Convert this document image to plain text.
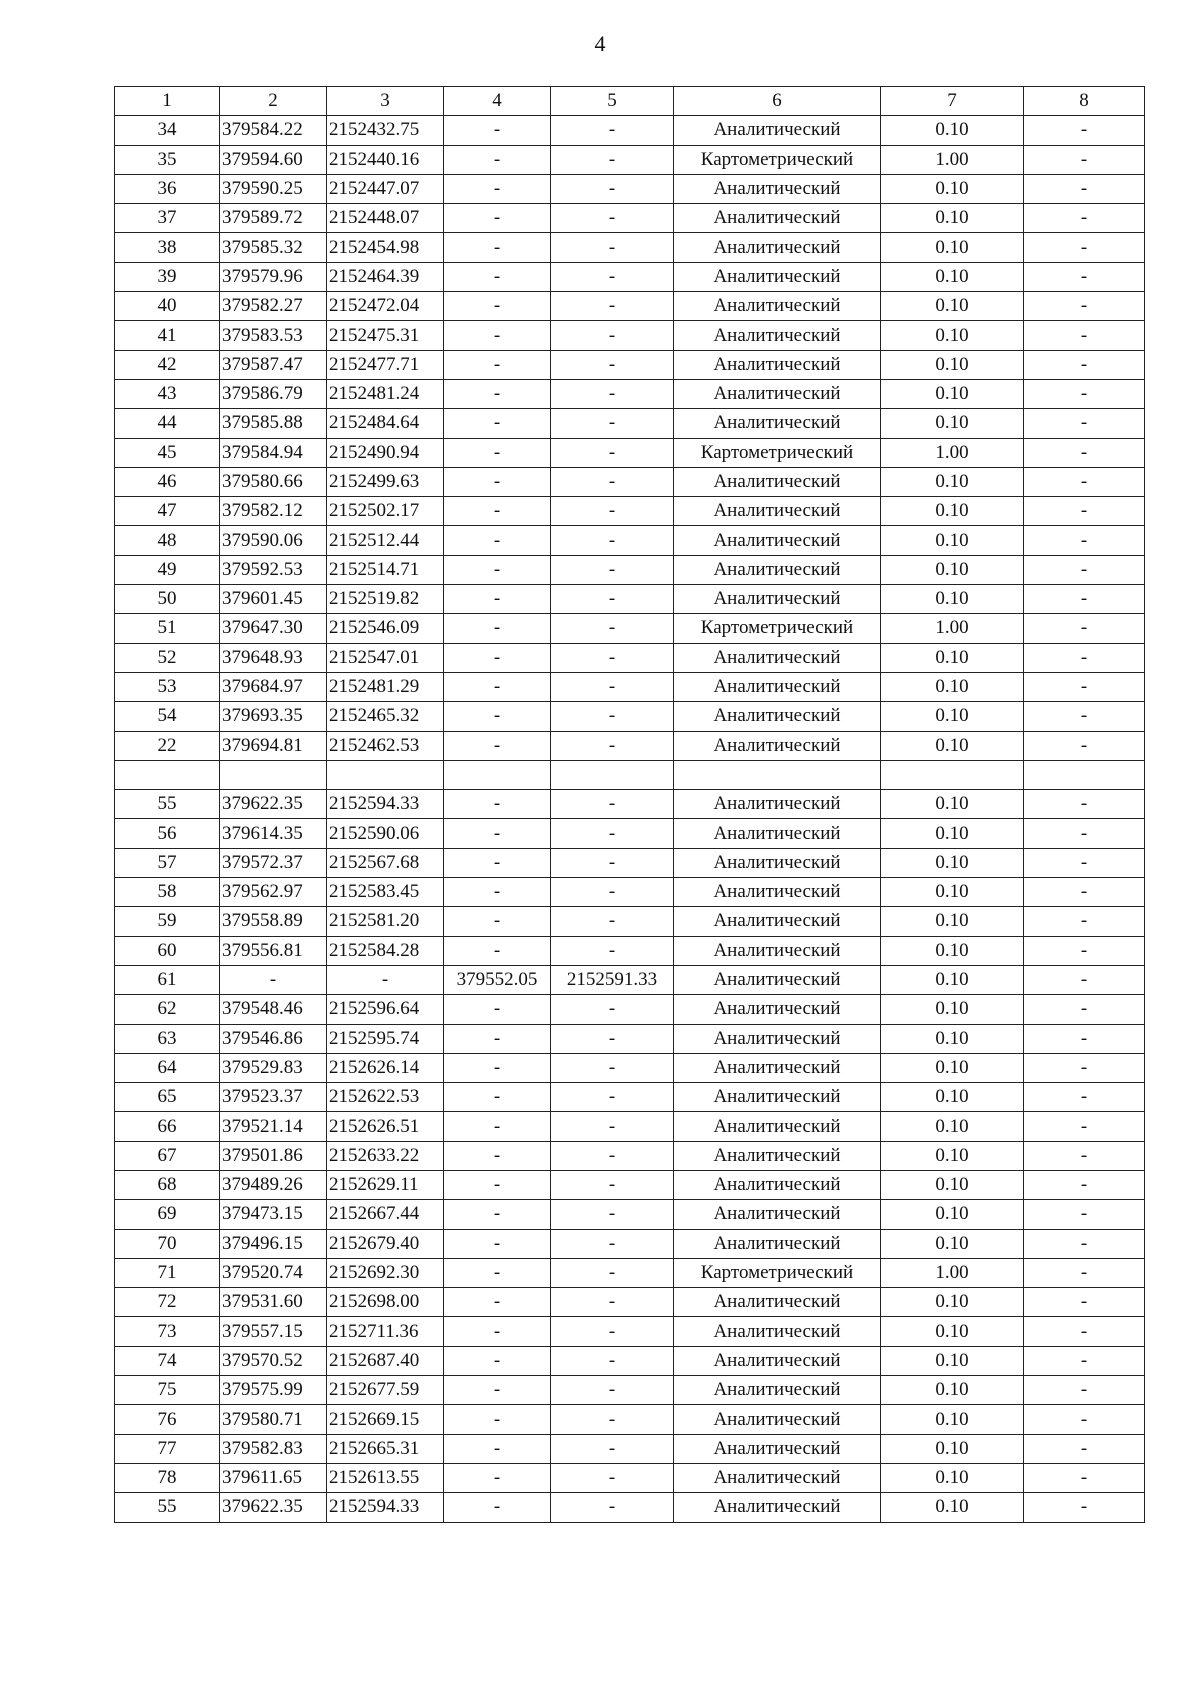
4
1	2	3	4	5	6	7	8
34	379584.22	2152432.75	-	-	Аналитический	0.10	-
35	379594.60	2152440.16	-	-	Картометрический	1.00	-
36	379590.25	2152447.07	-	-	Аналитический	0.10	-
37	379589.72	2152448.07	-	-	Аналитический	0.10	-
38	379585.32	2152454.98	-	-	Аналитический	0.10	-
39	379579.96	2152464.39	-	-	Аналитический	0.10	-
40	379582.27	2152472.04	-	-	Аналитический	0.10	-
41	379583.53	2152475.31	-	-	Аналитический	0.10	-
42	379587.47	2152477.71	-	-	Аналитический	0.10	-
43	379586.79	2152481.24	-	-	Аналитический	0.10	-
44	379585.88	2152484.64	-	-	Аналитический	0.10	-
45	379584.94	2152490.94	-	-	Картометрический	1.00	-
46	379580.66	2152499.63	-	-	Аналитический	0.10	-
47	379582.12	2152502.17	-	-	Аналитический	0.10	-
48	379590.06	2152512.44	-	-	Аналитический	0.10	-
49	379592.53	2152514.71	-	-	Аналитический	0.10	-
50	379601.45	2152519.82	-	-	Аналитический	0.10	-
51	379647.30	2152546.09	-	-	Картометрический	1.00	-
52	379648.93	2152547.01	-	-	Аналитический	0.10	-
53	379684.97	2152481.29	-	-	Аналитический	0.10	-
54	379693.35	2152465.32	-	-	Аналитический	0.10	-
22	379694.81	2152462.53	-	-	Аналитический	0.10	-

55	379622.35	2152594.33	-	-	Аналитический	0.10	-
56	379614.35	2152590.06	-	-	Аналитический	0.10	-
57	379572.37	2152567.68	-	-	Аналитический	0.10	-
58	379562.97	2152583.45	-	-	Аналитический	0.10	-
59	379558.89	2152581.20	-	-	Аналитический	0.10	-
60	379556.81	2152584.28	-	-	Аналитический	0.10	-
61	-	-	379552.05	2152591.33	Аналитический	0.10	-
62	379548.46	2152596.64	-	-	Аналитический	0.10	-
63	379546.86	2152595.74	-	-	Аналитический	0.10	-
64	379529.83	2152626.14	-	-	Аналитический	0.10	-
65	379523.37	2152622.53	-	-	Аналитический	0.10	-
66	379521.14	2152626.51	-	-	Аналитический	0.10	-
67	379501.86	2152633.22	-	-	Аналитический	0.10	-
68	379489.26	2152629.11	-	-	Аналитический	0.10	-
69	379473.15	2152667.44	-	-	Аналитический	0.10	-
70	379496.15	2152679.40	-	-	Аналитический	0.10	-
71	379520.74	2152692.30	-	-	Картометрический	1.00	-
72	379531.60	2152698.00	-	-	Аналитический	0.10	-
73	379557.15	2152711.36	-	-	Аналитический	0.10	-
74	379570.52	2152687.40	-	-	Аналитический	0.10	-
75	379575.99	2152677.59	-	-	Аналитический	0.10	-
76	379580.71	2152669.15	-	-	Аналитический	0.10	-
77	379582.83	2152665.31	-	-	Аналитический	0.10	-
78	379611.65	2152613.55	-	-	Аналитический	0.10	-
55	379622.35	2152594.33	-	-	Аналитический	0.10	-
